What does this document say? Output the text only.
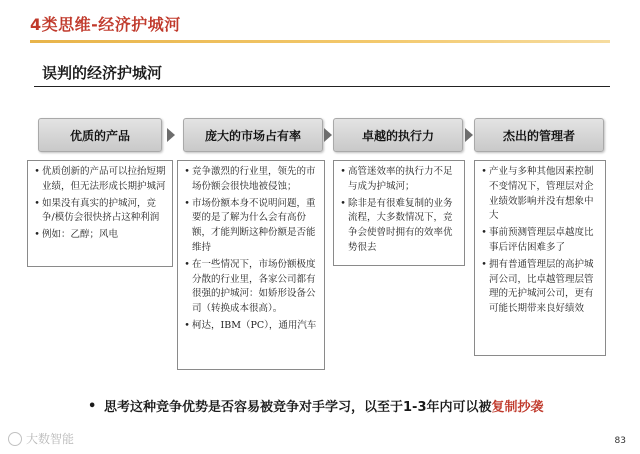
4类思维-经济护城河
误判的经济护城河
优质的产品	庞大的市场占有率	卓越的执行力	杰出的管理者
• 优质创新的产品可以拉抬短期业绩，但无法形成长期护城河
• 如果没有真实的护城河，竞争/模仿会很快挤占这种利润
• 例如：乙醇；风电
• 竞争激烈的行业里，领先的市场份额会很快地被侵蚀；
• 市场份额本身不说明问题，重要的是了解为什么会有高份额，才能判断这种份额是否能维持
• 在一些情况下，市场份额极度分散的行业里，各家公司都有很强的护城河：如娇形设备公司（转换成本很高）。
• 柯达，IBM（PC），通用汽车
• 高管迷效率的执行力不足与成为护城河；
• 除非是有很难复制的业务流程，大多数情况下，竞争会使曾时拥有的效率优势很去
• 产业与多种其他因素控制不变情况下，管理层对企业绩效影响并没有想象中大
• 事前预测管理层卓越度比事后评估困难多了
• 拥有普通管理层的高护城河公司，比卓越管理层管理的无护城河公司，更有可能长期带来良好绩效
• 思考这种竞争优势是否容易被竞争对手学习，以至于1-3年内可以被复制抄袭
大数智能	83
